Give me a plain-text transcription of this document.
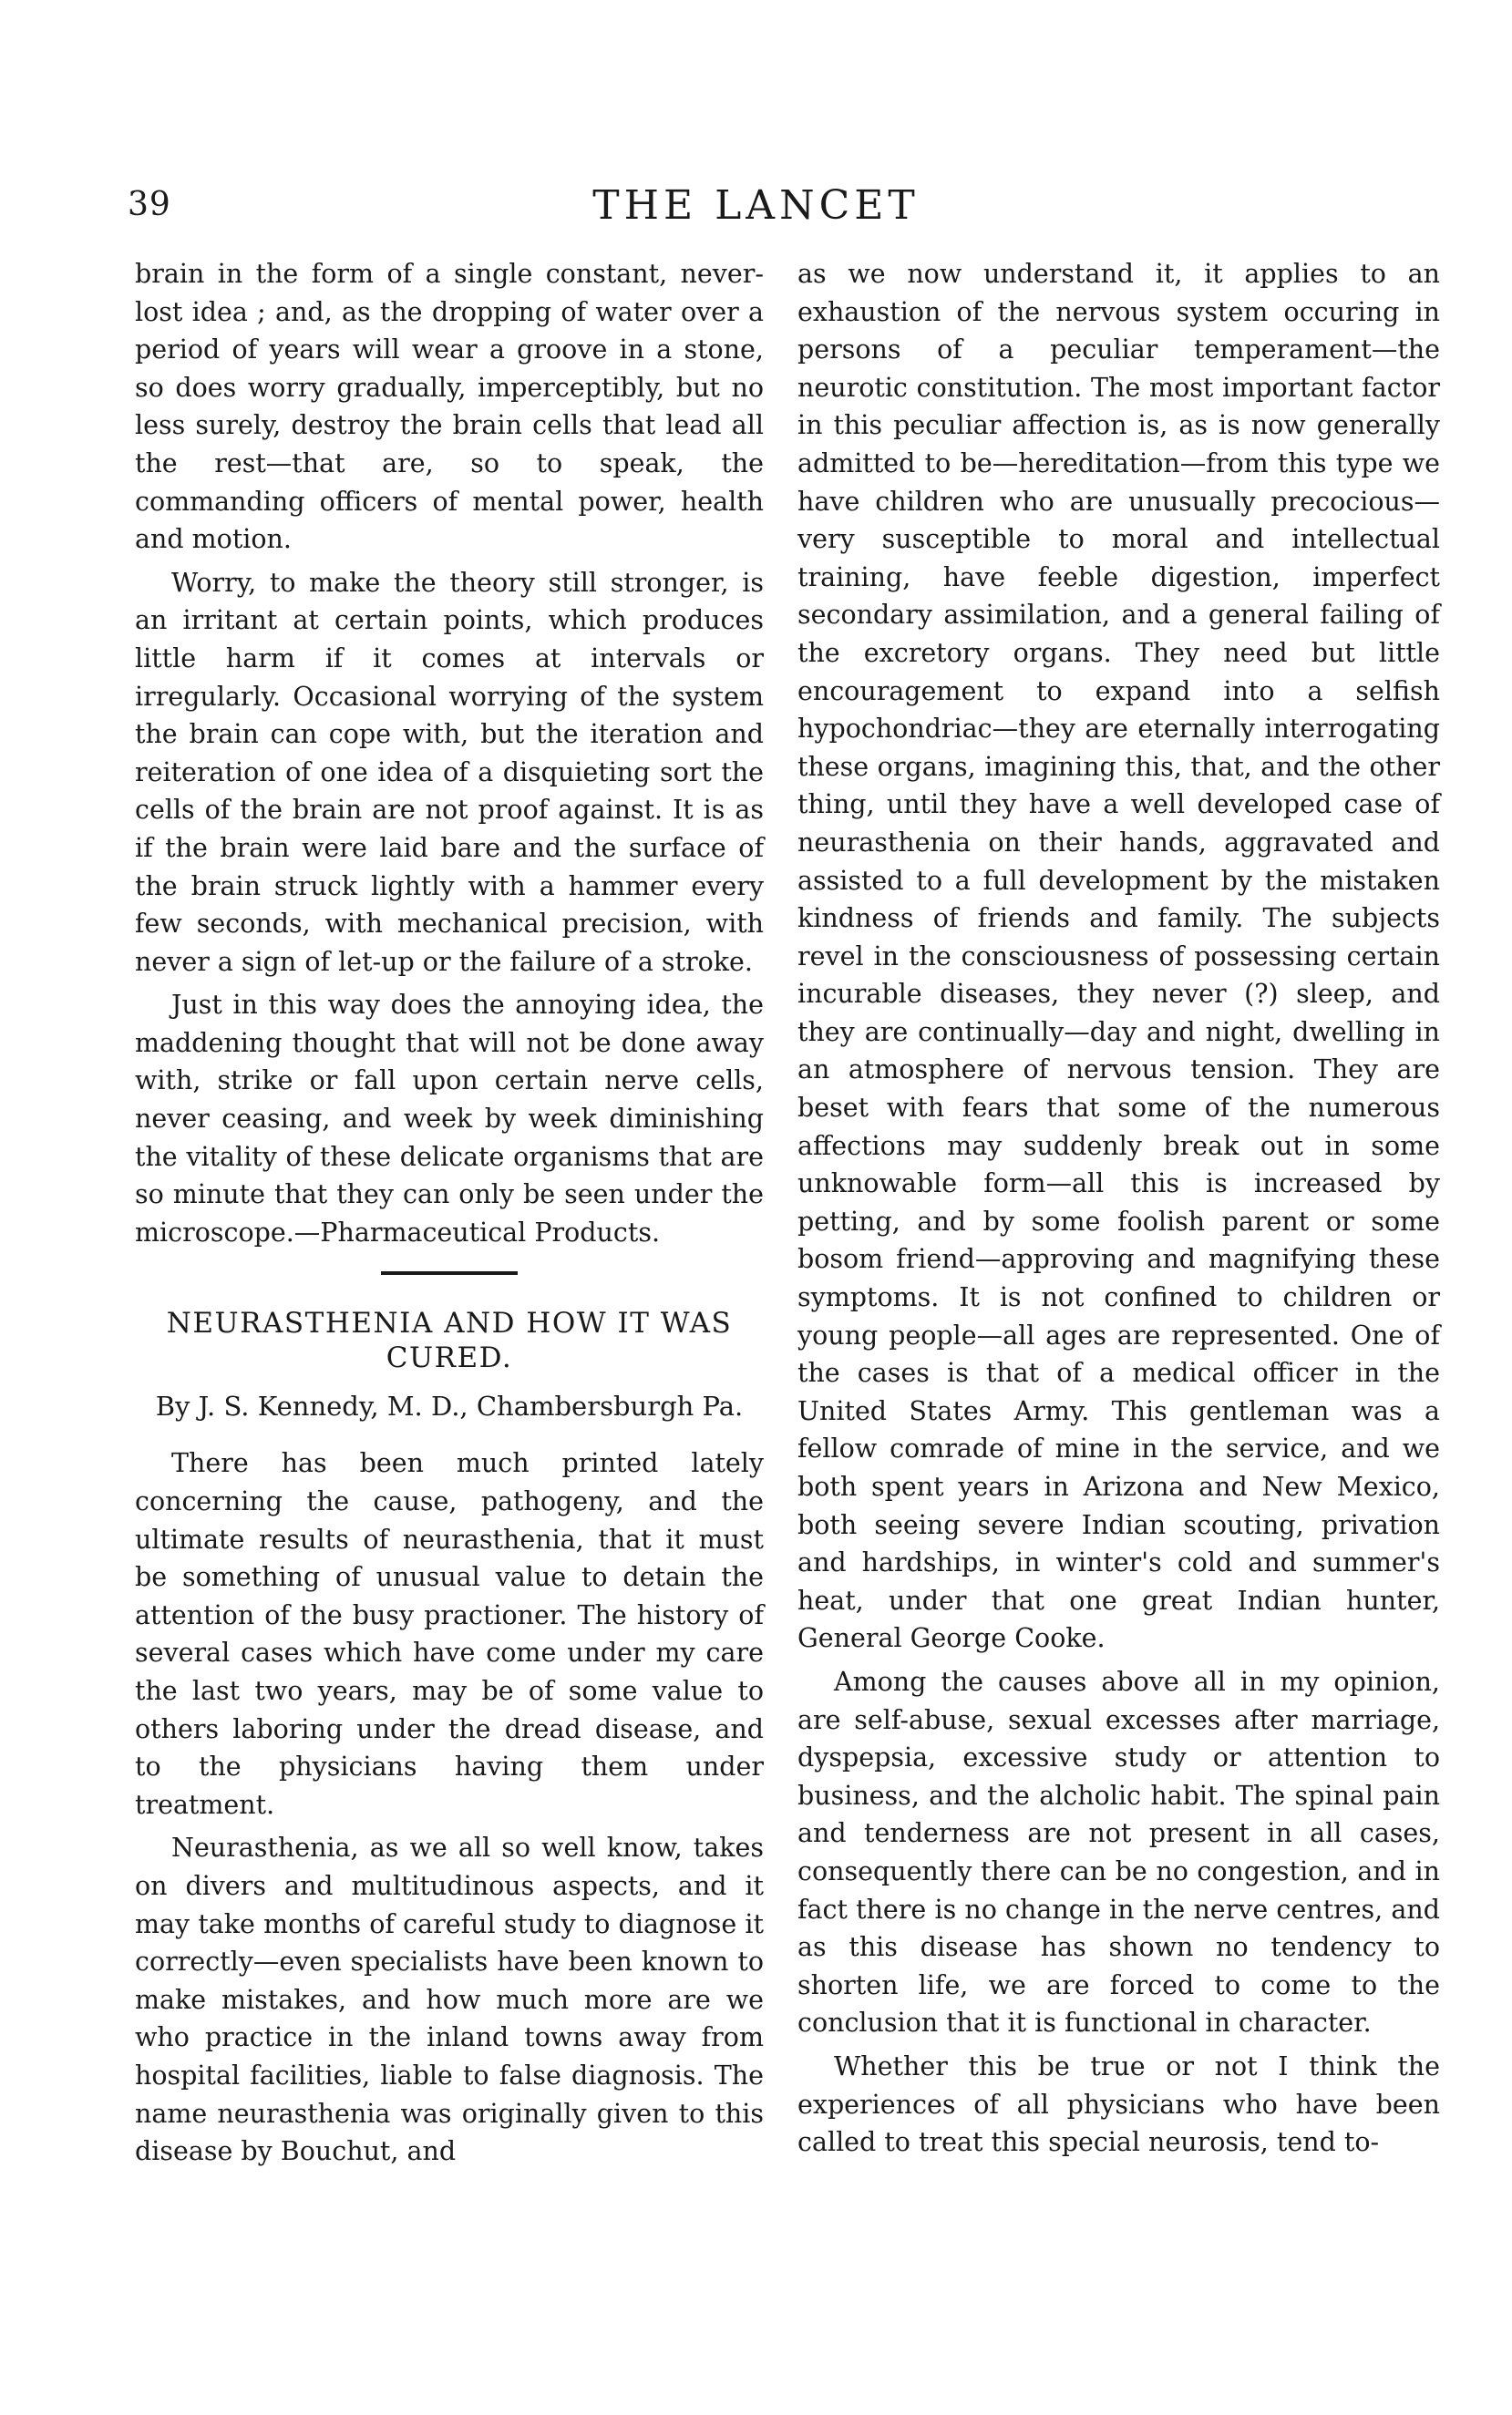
39	THE LANCET

brain in the form of a single constant, never-lost idea ; and, as the dropping of water over a period of years will wear a groove in a stone, so does worry gradually, imperceptibly, but no less surely, destroy the brain cells that lead all the rest—that are, so to speak, the commanding officers of mental power, health and motion.

Worry, to make the theory still stronger, is an irritant at certain points, which produces little harm if it comes at intervals or irregularly. Occasional worrying of the system the brain can cope with, but the iteration and reiteration of one idea of a disquieting sort the cells of the brain are not proof against. It is as if the brain were laid bare and the surface of the brain struck lightly with a hammer every few seconds, with mechanical precision, with never a sign of let-up or the failure of a stroke.

Just in this way does the annoying idea, the maddening thought that will not be done away with, strike or fall upon certain nerve cells, never ceasing, and week by week diminishing the vitality of these delicate organisms that are so minute that they can only be seen under the microscope.—Pharmaceutical Products.

NEURASTHENIA AND HOW IT WAS CURED.
By J. S. Kennedy, M. D., Chambersburgh Pa.

There has been much printed lately concerning the cause, pathogeny, and the ultimate results of neurasthenia, that it must be something of unusual value to detain the attention of the busy practioner. The history of several cases which have come under my care the last two years, may be of some value to others laboring under the dread disease, and to the physicians having them under treatment.

Neurasthenia, as we all so well know, takes on divers and multitudinous aspects, and it may take months of careful study to diagnose it correctly—even specialists have been known to make mistakes, and how much more are we who practice in the inland towns away from hospital facilities, liable to false diagnosis. The name neurasthenia was originally given to this disease by Bouchut, and

as we now understand it, it applies to an exhaustion of the nervous system occuring in persons of a peculiar temperament—the neurotic constitution. The most important factor in this peculiar affection is, as is now generally admitted to be—hereditation—from this type we have children who are unusually precocious—very susceptible to moral and intellectual training, have feeble digestion, imperfect secondary assimilation, and a general failing of the excretory organs. They need but little encouragement to expand into a selfish hypochondriac—they are eternally interrogating these organs, imagining this, that, and the other thing, until they have a well developed case of neurasthenia on their hands, aggravated and assisted to a full development by the mistaken kindness of friends and family. The subjects revel in the consciousness of possessing certain incurable diseases, they never (?) sleep, and they are continually—day and night, dwelling in an atmosphere of nervous tension. They are beset with fears that some of the numerous affections may suddenly break out in some unknowable form—all this is increased by petting, and by some foolish parent or some bosom friend—approving and magnifying these symptoms. It is not confined to children or young people—all ages are represented. One of the cases is that of a medical officer in the United States Army. This gentleman was a fellow comrade of mine in the service, and we both spent years in Arizona and New Mexico, both seeing severe Indian scouting, privation and hardships, in winter's cold and summer's heat, under that one great Indian hunter, General George Cooke.

Among the causes above all in my opinion, are self-abuse, sexual excesses after marriage, dyspepsia, excessive study or attention to business, and the alcholic habit. The spinal pain and tenderness are not present in all cases, consequently there can be no congestion, and in fact there is no change in the nerve centres, and as this disease has shown no tendency to shorten life, we are forced to come to the conclusion that it is functional in character.

Whether this be true or not I think the experiences of all physicians who have been called to treat this special neurosis, tend to-
